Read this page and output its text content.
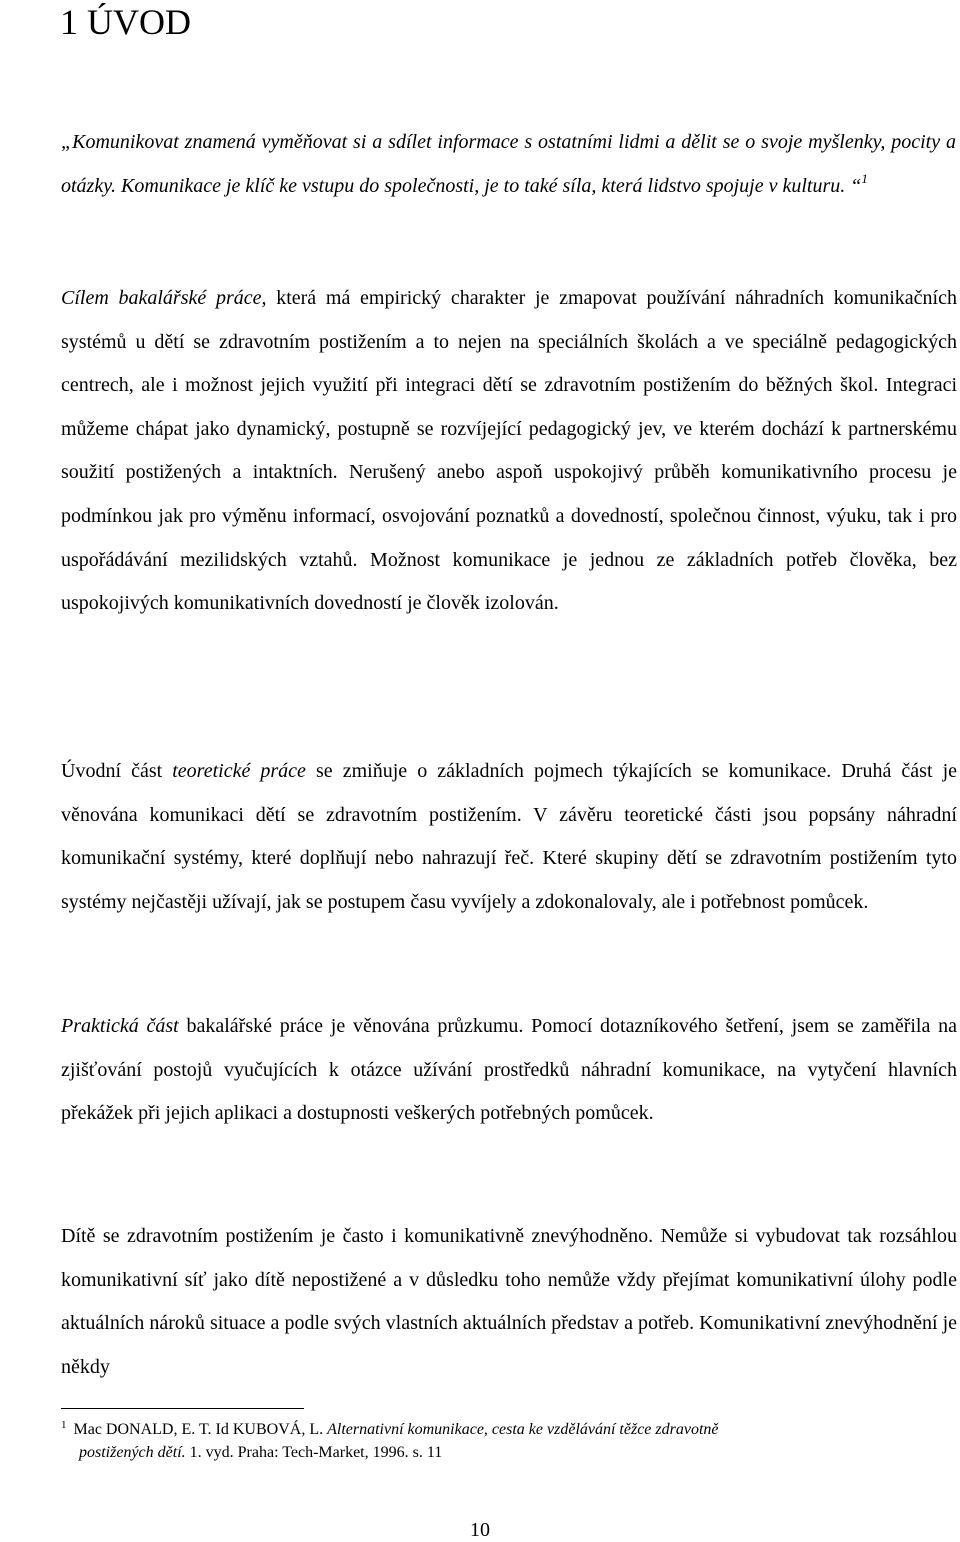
1 ÚVOD

„Komunikovat znamená vyměňovat si a sdílet informace s ostatními lidmi a dělit se o svoje myšlenky, pocity a otázky. Komunikace je klíč ke vstupu do společnosti, je to také síla, která lidstvo spojuje v kulturu. “$^1$

Cílem bakalářské práce, která má empirický charakter je zmapovat používání náhradních komunikačních systémů u dětí se zdravotním postižením a to nejen na speciálních školách a ve speciálně pedagogických centrech, ale i možnost jejich využití při integraci dětí se zdravotním postižením do běžných škol. Integraci můžeme chápat jako dynamický, postupně se rozvíjející pedagogický jev, ve kterém dochází k partnerskému soužití postižených a intaktních. Nerušený anebo aspoň uspokojivý průběh komunikativního procesu je podmínkou jak pro výměnu informací, osvojování poznatků a dovedností, společnou činnost, výuku, tak i pro uspořádávání mezilidských vztahů. Možnost komunikace je jednou ze základních potřeb člověka, bez uspokojivých komunikativních dovedností je člověk izolován.

Úvodní část teoretické práce se zmiňuje o základních pojmech týkajících se komunikace. Druhá část je věnována komunikaci dětí se zdravotním postižením. V závěru teoretické části jsou popsány náhradní komunikační systémy, které doplňují nebo nahrazují řeč. Které skupiny dětí se zdravotním postižením tyto systémy nejčastěji užívají, jak se postupem času vyvíjely a zdokonalovaly, ale i potřebnost pomůcek.

Praktická část bakalářské práce je věnována průzkumu. Pomocí dotazníkového šetření, jsem se zaměřila na zjišťování postojů vyučujících k otázce užívání prostředků náhradní komunikace, na vytyčení hlavních překážek při jejich aplikaci a dostupnosti veškerých potřebných pomůcek.

Dítě se zdravotním postižením je často i komunikativně znevýhodněno. Nemůže si vybudovat tak rozsáhlou komunikativní síť jako dítě nepostižené a v důsledku toho nemůže vždy přejímat komunikativní úlohy podle aktuálních nároků situace a podle svých vlastních aktuálních představ a potřeb. Komunikativní znevýhodnění je někdy

$^1$ Mac DONALD, E. T. Id KUBOVÁ, L. Alternativní komunikace, cesta ke vzdělávání těžce zdravotně
postižených dětí. 1. vyd. Praha: Tech-Market, 1996. s. 11

10
